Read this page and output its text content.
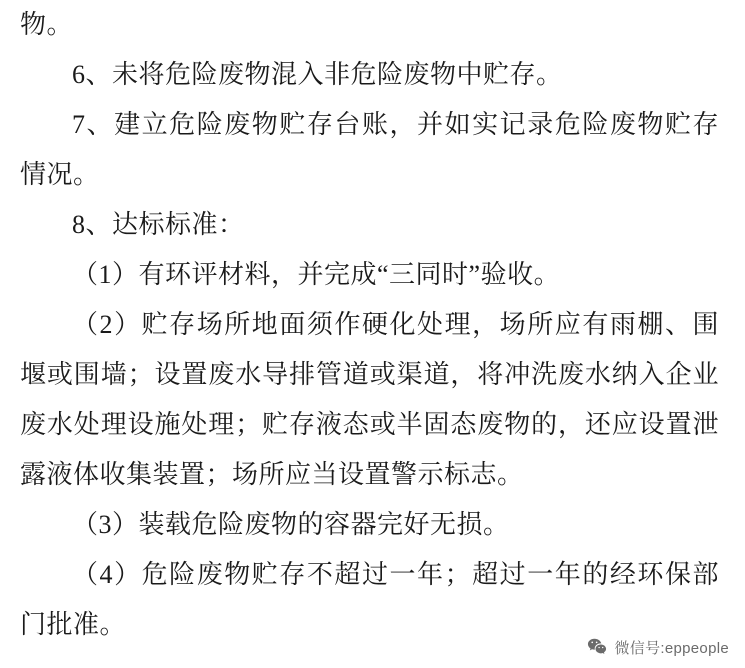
物。

6、未将危险废物混入非危险废物中贮存。

7、建立危险废物贮存台账，并如实记录危险废物贮存情况。

8、达标标准：

（1）有环评材料，并完成“三同时”验收。

（2）贮存场所地面须作硬化处理，场所应有雨棚、围堰或围墙；设置废水导排管道或渠道，将冲洗废水纳入企业废水处理设施处理；贮存液态或半固态废物的，还应设置泄露液体收集装置；场所应当设置警示标志。

（3）装载危险废物的容器完好无损。

（4）危险废物贮存不超过一年；超过一年的经环保部门批准。

微信号:eppeople
